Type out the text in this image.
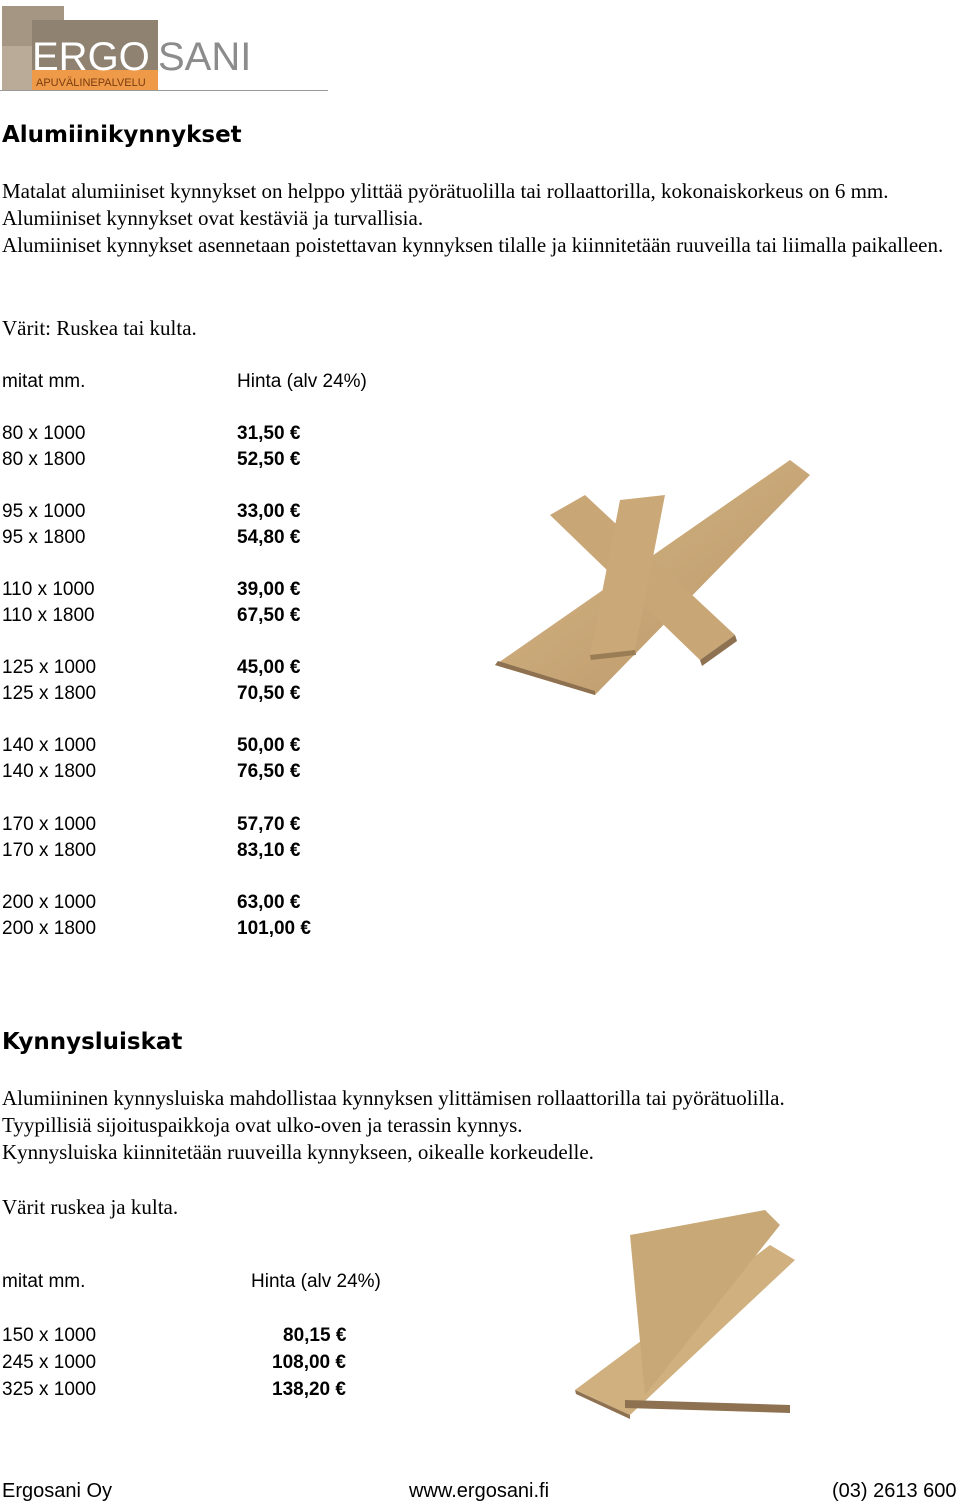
ERGO SANI
APUVÄLINEPALVELU
Alumiinikynnykset

Matalat alumiiniset kynnykset on helppo ylittää pyörätuolilla tai rollaattorilla, kokonaiskorkeus on 6 mm. Alumiiniset kynnykset ovat kestäviä ja turvallisia.

Alumiiniset kynnykset asennetaan poistettavan kynnyksen tilalle ja kiinnitetään ruuveilla tai liimalla paikalleen.

Värit: Ruskea tai kulta.
mitat mm.	Hinta (alv 24%)
80 x 1000	31,50 €
80 x 1800	52,50 €
95 x 1000	33,00 €
95 x 1800	54,80 €
110 x 1000	39,00 €
110 x 1800	67,50 €
125 x 1000	45,00 €
125 x 1800	70,50 €
140 x 1000	50,00 €
140 x 1800	76,50 €
170 x 1000	57,70 €
170 x 1800	83,10 €
200 x 1000	63,00 €
200 x 1800	101,00 €
Kynnysluiskat

Alumiininen kynnysluiska mahdollistaa kynnyksen ylittämisen rollaattorilla tai pyörätuolilla.

Tyypillisiä sijoituspaikkoja ovat ulko-oven ja terassin kynnys.

Kynnysluiska kiinnitetään ruuveilla kynnykseen, oikealle korkeudelle.

Värit ruskea ja kulta.
mitat mm.	Hinta (alv 24%)
150 x 1000	80,15 €
245 x 1000	108,00 €
325 x 1000	138,20 €
Ergosani Oy	www.ergosani.fi	(03) 2613 600
